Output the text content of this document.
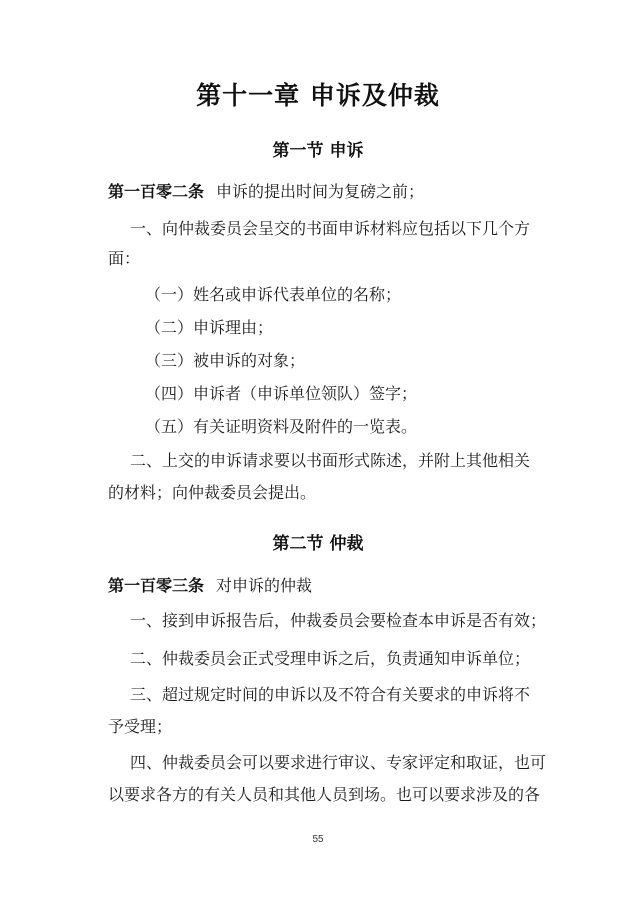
第十一章 申诉及仲裁
第一节 申诉
第一百零二条 申诉的提出时间为复磅之前；
一、向仲裁委员会呈交的书面申诉材料应包括以下几个方
面：
（一）姓名或申诉代表单位的名称；
（二）申诉理由；
（三）被申诉的对象；
（四）申诉者（申诉单位领队）签字；
（五）有关证明资料及附件的一览表。
二、上交的申诉请求要以书面形式陈述，并附上其他相关
的材料；向仲裁委员会提出。
第二节 仲裁
第一百零三条 对申诉的仲裁
一、接到申诉报告后，仲裁委员会要检查本申诉是否有效；
二、仲裁委员会正式受理申诉之后，负责通知申诉单位；
三、超过规定时间的申诉以及不符合有关要求的申诉将不
予受理；
四、仲裁委员会可以要求进行审议、专家评定和取证，也可
以要求各方的有关人员和其他人员到场。也可以要求涉及的各
55
